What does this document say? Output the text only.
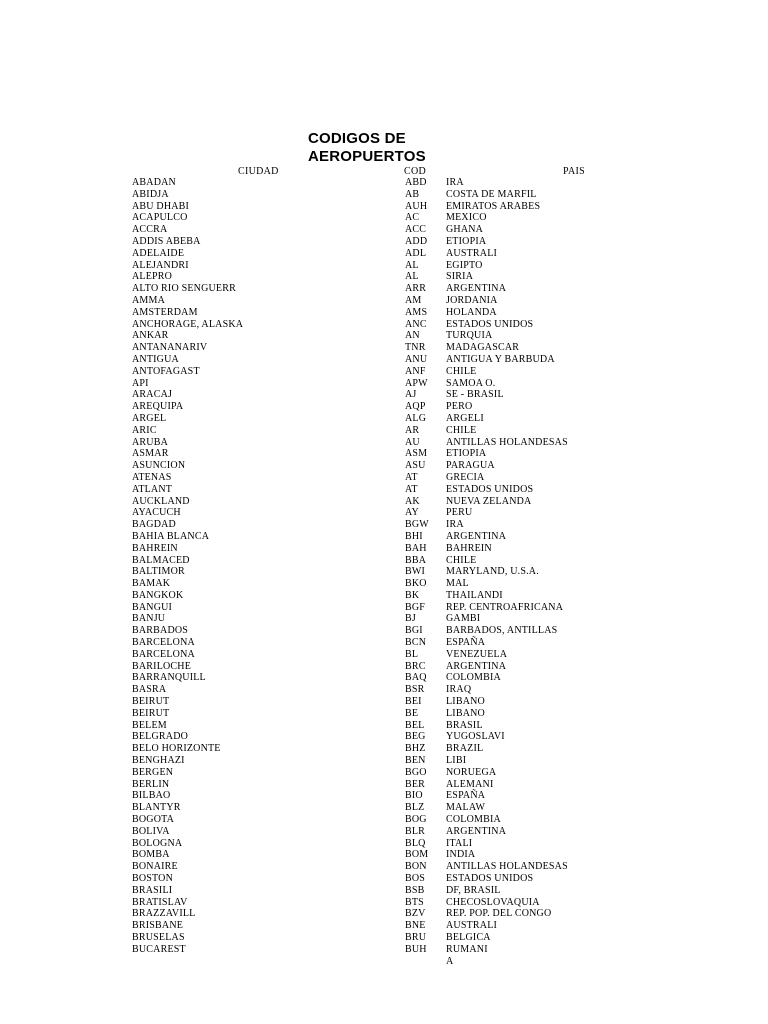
CODIGOS DE AEROPUERTOS
CIUDAD	COD	PAIS
ABADAN	ABD IRA
ABIDJA	AB	COSTA DE MARFIL
ABU DHABI	AUH EMIRATOS ARABES
ACAPULCO	AC	MEXICO
ACCRA	ACC GHANA
ADDIS ABEBA	ADD ETIOPIA
ADELAIDE	ADL AUSTRALI
ALEJANDRI	AL	EGIPTO
ALEPRO	AL	SIRIA
ALTO RIO SENGUERR	ARR ARGENTINA
AMMA	AM JORDANIA
AMSTERDAM	AMS HOLANDA
ANCHORAGE, ALASKA	ANC ESTADOS UNIDOS
ANKAR	AN	TURQUIA
ANTANANARIV	TNR MADAGASCAR
ANTIGUA	ANU ANTIGUA Y BARBUDA
ANTOFAGAST	ANF CHILE
API	APW SAMOA O.
ARACAJ	AJ	SE - BRASIL
AREQUIPA	AQP PERO
ARGEL	ALG ARGELI
ARIC	AR	CHILE
ARUBA	AU	ANTILLAS HOLANDESAS
ASMAR	ASM ETIOPIA
ASUNCION	ASU PARAGUA
ATENAS	AT	GRECIA
ATLANT	AT	ESTADOS UNIDOS
AUCKLAND	AK	NUEVA ZELANDA
AYACUCH	AY	PERU
BAGDAD	BGW IRA
BAHIA BLANCA	BHI ARGENTINA
BAHREIN	BAH BAHREIN
BALMACED	BBA CHILE
BALTIMOR	BWI MARYLAND, U.S.A.
BAMAK	BKO MAL
BANGKOK	BK	THAILANDI
BANGUI	BGF REP. CENTROAFRICANA
BANJU	BJ	GAMBI
BARBADOS	BGI BARBADOS, ANTILLAS
BARCELONA	BCN ESPAÑA
BARCELONA	BL	VENEZUELA
BARILOCHE	BRC ARGENTINA
BARRANQUILL	BAQ COLOMBIA
BASRA	BSR IRAQ
BEIRUT	BEI LIBANO
BEIRUT	BE	LIBANO
BELEM	BEL BRASIL
BELGRADO	BEG YUGOSLAVI
BELO HORIZONTE	BHZ BRAZIL
BENGHAZI	BEN LIBI
BERGEN	BGO NORUEGA
BERLIN	BER ALEMANI
BILBAO	BIO ESPAÑA
BLANTYR	BLZ MALAW
BOGOTA	BOG COLOMBIA
BOLIVA	BLR ARGENTINA
BOLOGNA	BLQ ITALI
BOMBA	BOM INDIA
BONAIRE	BON ANTILLAS HOLANDESAS
BOSTON	BOS ESTADOS UNIDOS
BRASILI	BSB DF, BRASIL
BRATISLAV	BTS CHECOSLOVAQUIA
BRAZZAVILL	BZV REP. POP. DEL CONGO
BRISBANE	BNE AUSTRALI
BRUSELAS	BRU BELGICA
BUCAREST	BUH RUMANI
A
